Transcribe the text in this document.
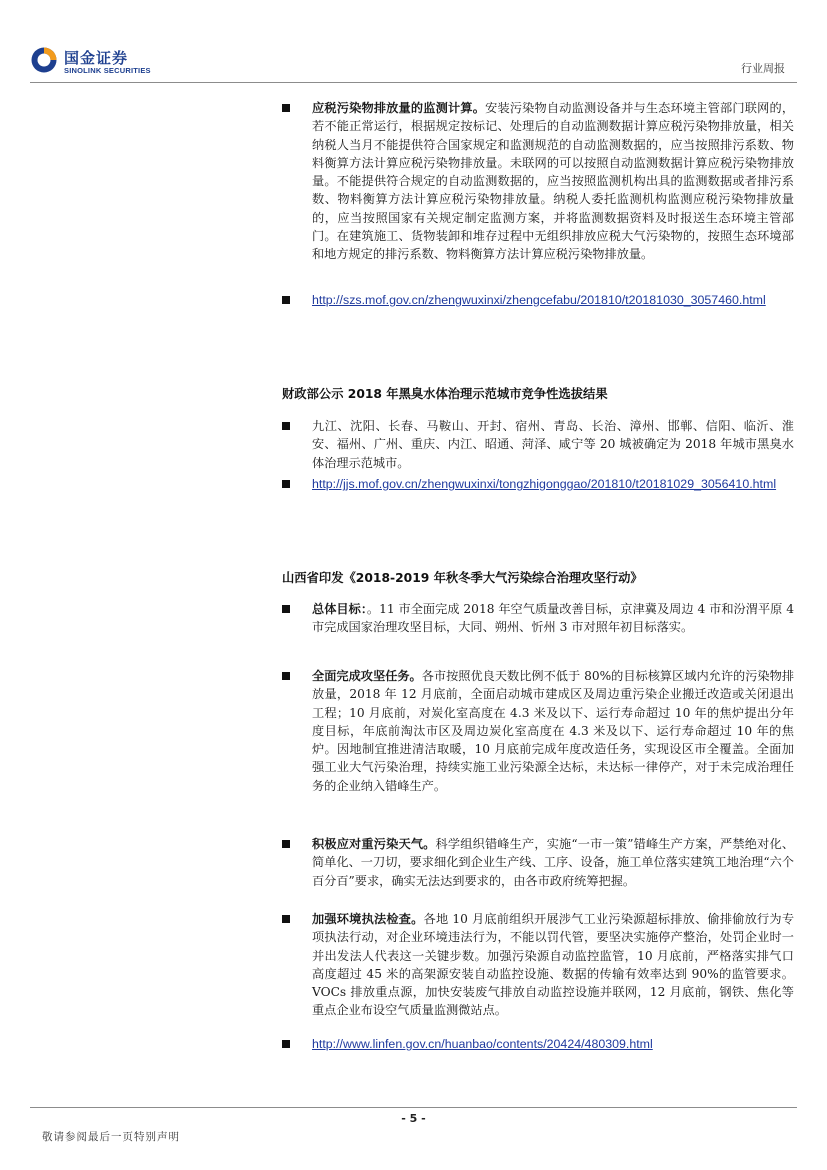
国金证券
SINOLINK SECURITIES	行业周报
应税污染物排放量的监测计算。安装污染物自动监测设备并与生态环境主管部门联网的，若不能正常运行，根据规定按标记、处理后的自动监测数据计算应税污染物排放量，相关纳税人当月不能提供符合国家规定和监测规范的自动监测数据的，应当按照排污系数、物料衡算方法计算应税污染物排放量。未联网的可以按照自动监测数据计算应税污染物排放量。不能提供符合规定的自动监测数据的，应当按照监测机构出具的监测数据或者排污系数、物料衡算方法计算应税污染物排放量。纳税人委托监测机构监测应税污染物排放量的，应当按照国家有关规定制定监测方案，并将监测数据资料及时报送生态环境主管部门。在建筑施工、货物装卸和堆存过程中无组织排放应税大气污染物的，按照生态环境部和地方规定的排污系数、物料衡算方法计算应税污染物排放量。
http://szs.mof.gov.cn/zhengwuxinxi/zhengcefabu/201810/t20181030_3057460.html
财政部公示 2018 年黑臭水体治理示范城市竞争性选拔结果
九江、沈阳、长春、马鞍山、开封、宿州、青岛、长治、漳州、邯郸、信阳、临沂、淮安、福州、广州、重庆、内江、昭通、菏泽、咸宁等 20 城被确定为 2018 年城市黑臭水体治理示范城市。
http://jjs.mof.gov.cn/zhengwuxinxi/tongzhigonggao/201810/t20181029_3056410.html
山西省印发《2018-2019 年秋冬季大气污染综合治理攻坚行动》
总体目标：。11 市全面完成 2018 年空气质量改善目标，京津冀及周边 4 市和汾渭平原 4 市完成国家治理攻坚目标，大同、朔州、忻州 3 市对照年初目标落实。
全面完成攻坚任务。各市按照优良天数比例不低于 80%的目标核算区域内允许的污染物排放量，2018 年 12 月底前，全面启动城市建成区及周边重污染企业搬迁改造或关闭退出工程；10 月底前，对炭化室高度在 4.3 米及以下、运行寿命超过 10 年的焦炉提出分年度目标，年底前淘汰市区及周边炭化室高度在 4.3 米及以下、运行寿命超过 10 年的焦炉。因地制宜推进清洁取暖，10 月底前完成年度改造任务，实现设区市全覆盖。全面加强工业大气污染治理，持续实施工业污染源全达标，未达标一律停产，对于未完成治理任务的企业纳入错峰生产。
积极应对重污染天气。科学组织错峰生产，实施“一市一策”错峰生产方案，严禁绝对化、简单化、一刀切，要求细化到企业生产线、工序、设备，施工单位落实建筑工地治理“六个百分百”要求，确实无法达到要求的，由各市政府统筹把握。
加强环境执法检查。各地 10 月底前组织开展涉气工业污染源超标排放、偷排偷放行为专项执法行动，对企业环境违法行为，不能以罚代管，要坚决实施停产整治，处罚企业时一并出发法人代表这一关键步数。加强污染源自动监控监管，10 月底前，严格落实排气口高度超过 45 米的高架源安装自动监控设施、数据的传输有效率达到 90%的监管要求。VOCs 排放重点源，加快安装废气排放自动监控设施并联网，12 月底前，钢铁、焦化等重点企业布设空气质量监测微站点。
http://www.linfen.gov.cn/huanbao/contents/20424/480309.html
- 5 -
敬请参阅最后一页特别声明
